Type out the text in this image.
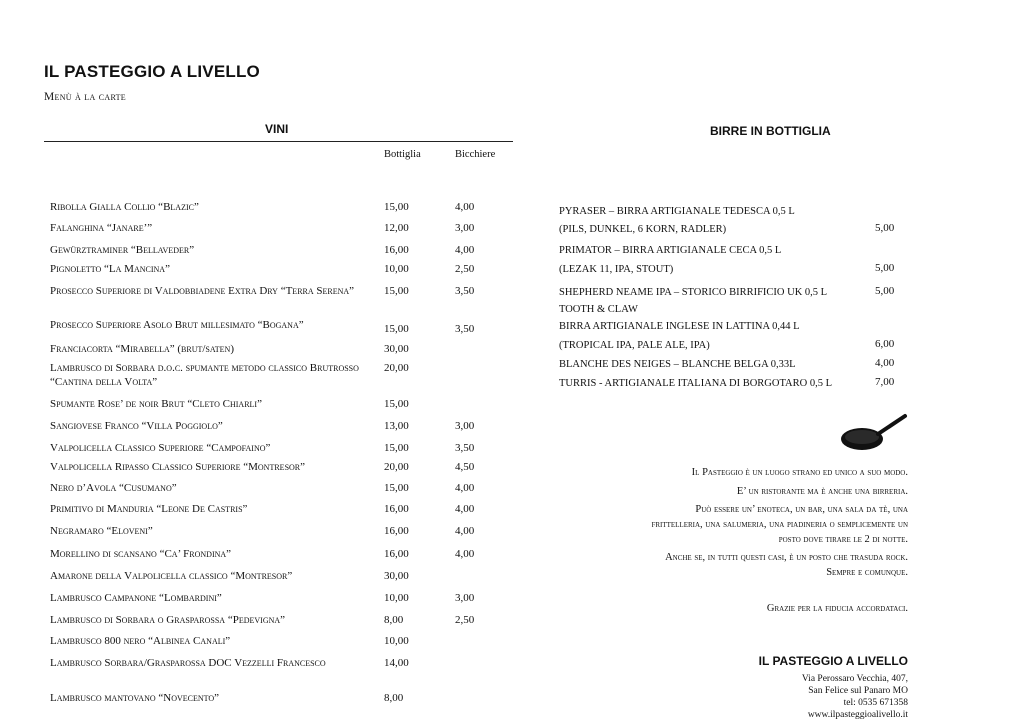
IL PASTEGGIO A LIVELLO
Menù à la carte
VINI
Bottiglia	Bicchiere
Ribolla Gialla Collio “Blazic”	15,00	4,00
Falanghina “Janare’”	12,00	3,00
Gewürztraminer “Bellaveder”	16,00	4,00
Pignoletto “La Mancina”	10,00	2,50
Prosecco Superiore di Valdobbiadene Extra Dry “Terra Serena”	15,00	3,50
Prosecco Superiore Asolo Brut millesimato “Bogana”	15,00	3,50
Franciacorta “Mirabella” (brut/saten)	30,00
Lambrusco di Sorbara d.o.c. spumante metodo classico Brutrosso “Cantina della Volta”
20,00
Spumante Rose’ de noir Brut “Cleto Chiarli”	15,00
Sangiovese Franco “Villa Poggiolo”	13,00	3,00
Valpolicella Classico Superiore “Campofaino”	15,00	3,50
Valpolicella Ripasso Classico Superiore “Montresor”	20,00	4,50
Nero d’Avola “Cusumano”	15,00	4,00
Primitivo di Manduria “Leone De Castris”	16,00	4,00
Negramaro “Eloveni”	16,00	4,00
Morellino di scansano “Ca’ Frondina”	16,00	4,00
Amarone della Valpolicella classico “Montresor”	30,00
Lambrusco Campanone “Lombardini”	10,00	3,00
Lambrusco di Sorbara o Grasparossa “Pedevigna”	8,00	2,50
Lambrusco 800 nero “Albinea Canali”	10,00
Lambrusco Sorbara/Grasparossa DOC Vezzelli Francesco	14,00
Lambrusco mantovano “Novecento”	8,00
BIRRE IN BOTTIGLIA
PYRASER – BIRRA ARTIGIANALE TEDESCA 0,5 L
(PILS, DUNKEL, 6 KORN, RADLER)	5,00
PRIMATOR – BIRRA ARTIGIANALE CECA 0,5 L
(LEZAK 11, IPA, STOUT)	5,00
SHEPHERD NEAME IPA – STORICO BIRRIFICIO UK 0,5 L	5,00
TOOTH & CLAW
BIRRA ARTIGIANALE INGLESE IN LATTINA 0,44 L
(TROPICAL IPA, PALE ALE, IPA)	6,00
BLANCHE DES NEIGES – BLANCHE BELGA 0,33L	4,00
TURRIS - ARTIGIANALE ITALIANA DI BORGOTARO 0,5 L	7,00
Il Pasteggio è un luogo strano ed unico a suo modo.
E’ un ristorante ma è anche una birreria.
Può essere un’ enoteca, un bar, una sala da tè, una
frittelleria, una salumeria, una piadineria o semplicemente un
posto dove tirare le 2 di notte.
Anche se, in tutti questi casi, è un posto che trasuda rock.
Sempre e comunque.
Grazie per la fiducia accordataci.
IL PASTEGGIO A LIVELLO
Via Perossaro Vecchia, 407,
San Felice sul Panaro MO
tel: 0535 671358
www.ilpasteggioalivello.it
